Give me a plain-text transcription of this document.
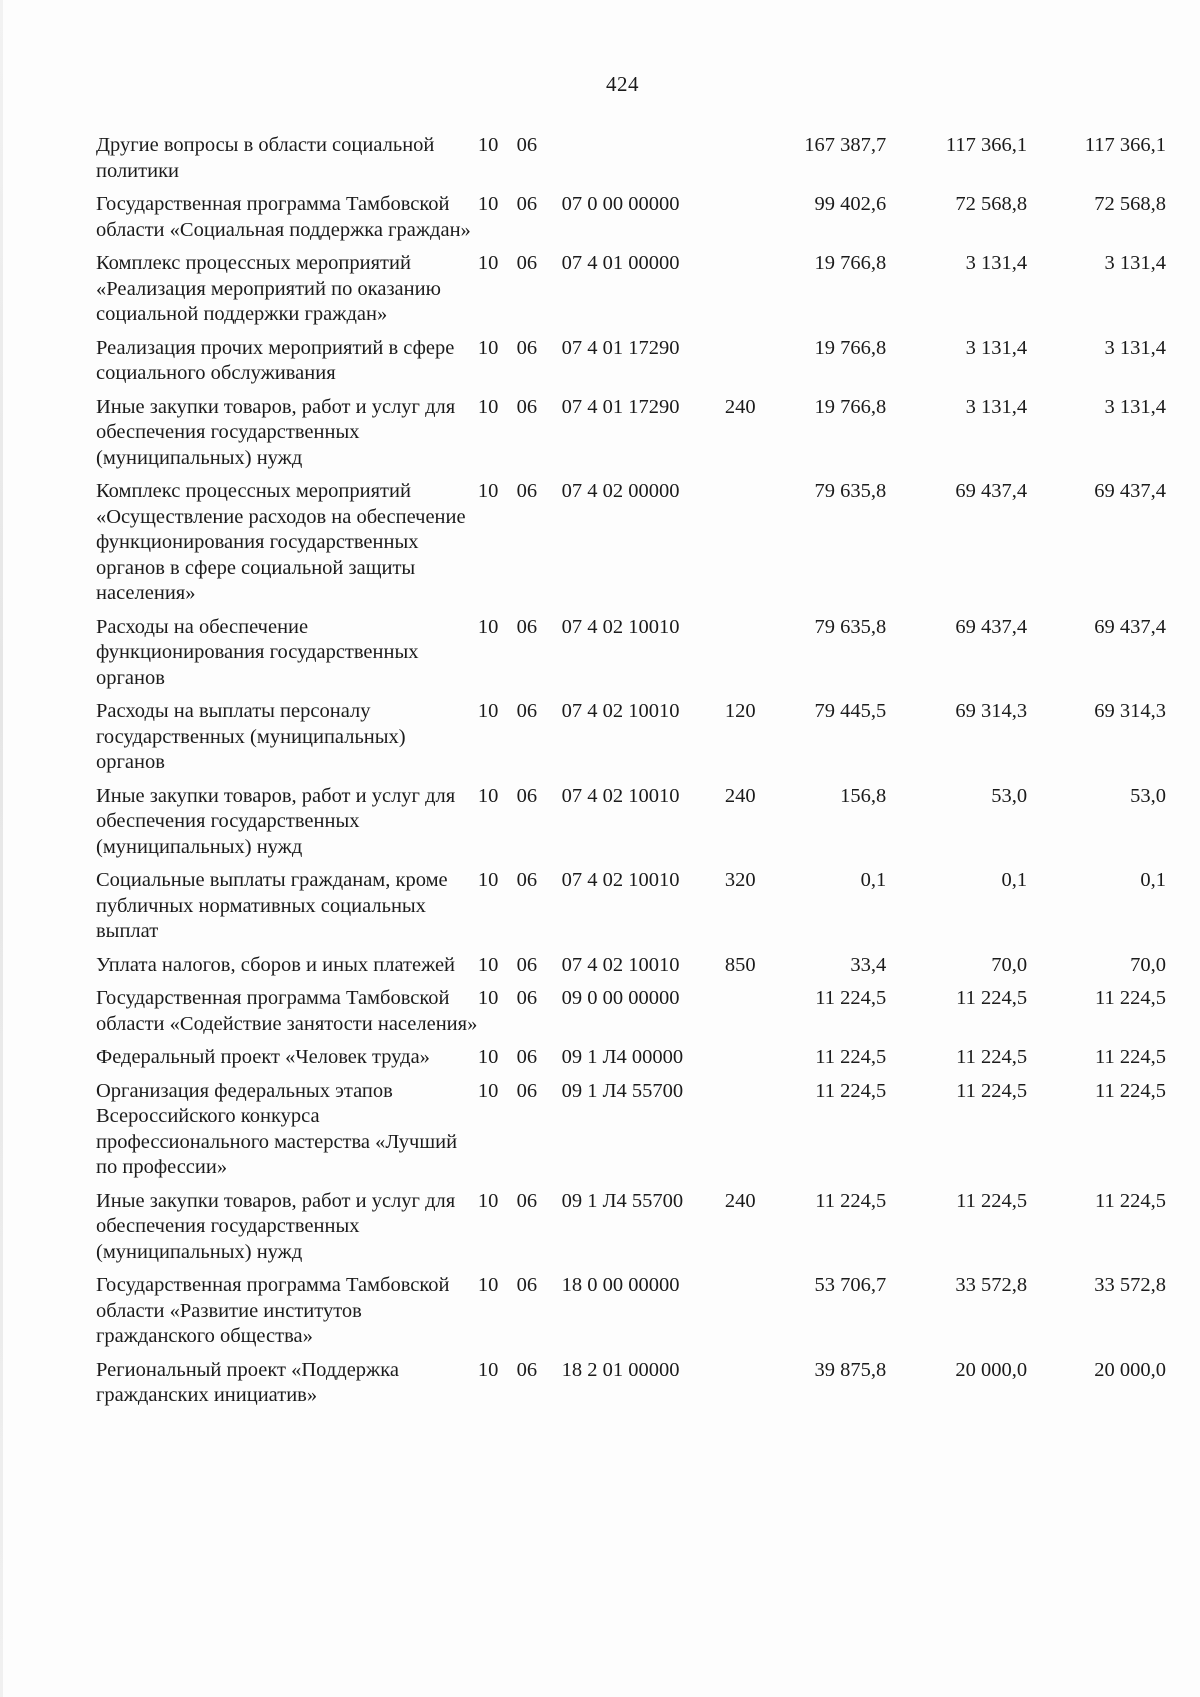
424
Другие вопросы в области социальной политики	10	06			167 387,7	117 366,1	117 366,1
Государственная программа Тамбовской области «Социальная поддержка граждан»	10	06	07 0 00 00000		99 402,6	72 568,8	72 568,8
Комплекс процессных мероприятий «Реализация мероприятий по оказанию социальной поддержки граждан»	10	06	07 4 01 00000		19 766,8	3 131,4	3 131,4
Реализация прочих мероприятий в сфере социального обслуживания	10	06	07 4 01 17290		19 766,8	3 131,4	3 131,4
Иные закупки товаров, работ и услуг для обеспечения государственных (муниципальных) нужд	10	06	07 4 01 17290	240	19 766,8	3 131,4	3 131,4
Комплекс процессных мероприятий «Осуществление расходов на обеспечение функционирования государственных органов в сфере социальной защиты населения»	10	06	07 4 02 00000		79 635,8	69 437,4	69 437,4
Расходы на обеспечение функционирования государственных органов	10	06	07 4 02 10010		79 635,8	69 437,4	69 437,4
Расходы на выплаты персоналу государственных (муниципальных) органов	10	06	07 4 02 10010	120	79 445,5	69 314,3	69 314,3
Иные закупки товаров, работ и услуг для обеспечения государственных (муниципальных) нужд	10	06	07 4 02 10010	240	156,8	53,0	53,0
Социальные выплаты гражданам, кроме публичных нормативных социальных выплат	10	06	07 4 02 10010	320	0,1	0,1	0,1
Уплата налогов, сборов и иных платежей	10	06	07 4 02 10010	850	33,4	70,0	70,0
Государственная программа Тамбовской области «Содействие занятости населения»	10	06	09 0 00 00000		11 224,5	11 224,5	11 224,5
Федеральный проект «Человек труда»	10	06	09 1 Л4 00000		11 224,5	11 224,5	11 224,5
Организация федеральных этапов Всероссийского конкурса профессионального мастерства «Лучший по профессии»	10	06	09 1 Л4 55700		11 224,5	11 224,5	11 224,5
Иные закупки товаров, работ и услуг для обеспечения государственных (муниципальных) нужд	10	06	09 1 Л4 55700	240	11 224,5	11 224,5	11 224,5
Государственная программа Тамбовской области «Развитие институтов гражданского общества»	10	06	18 0 00 00000		53 706,7	33 572,8	33 572,8
Региональный проект «Поддержка гражданских инициатив»	10	06	18 2 01 00000		39 875,8	20 000,0	20 000,0
